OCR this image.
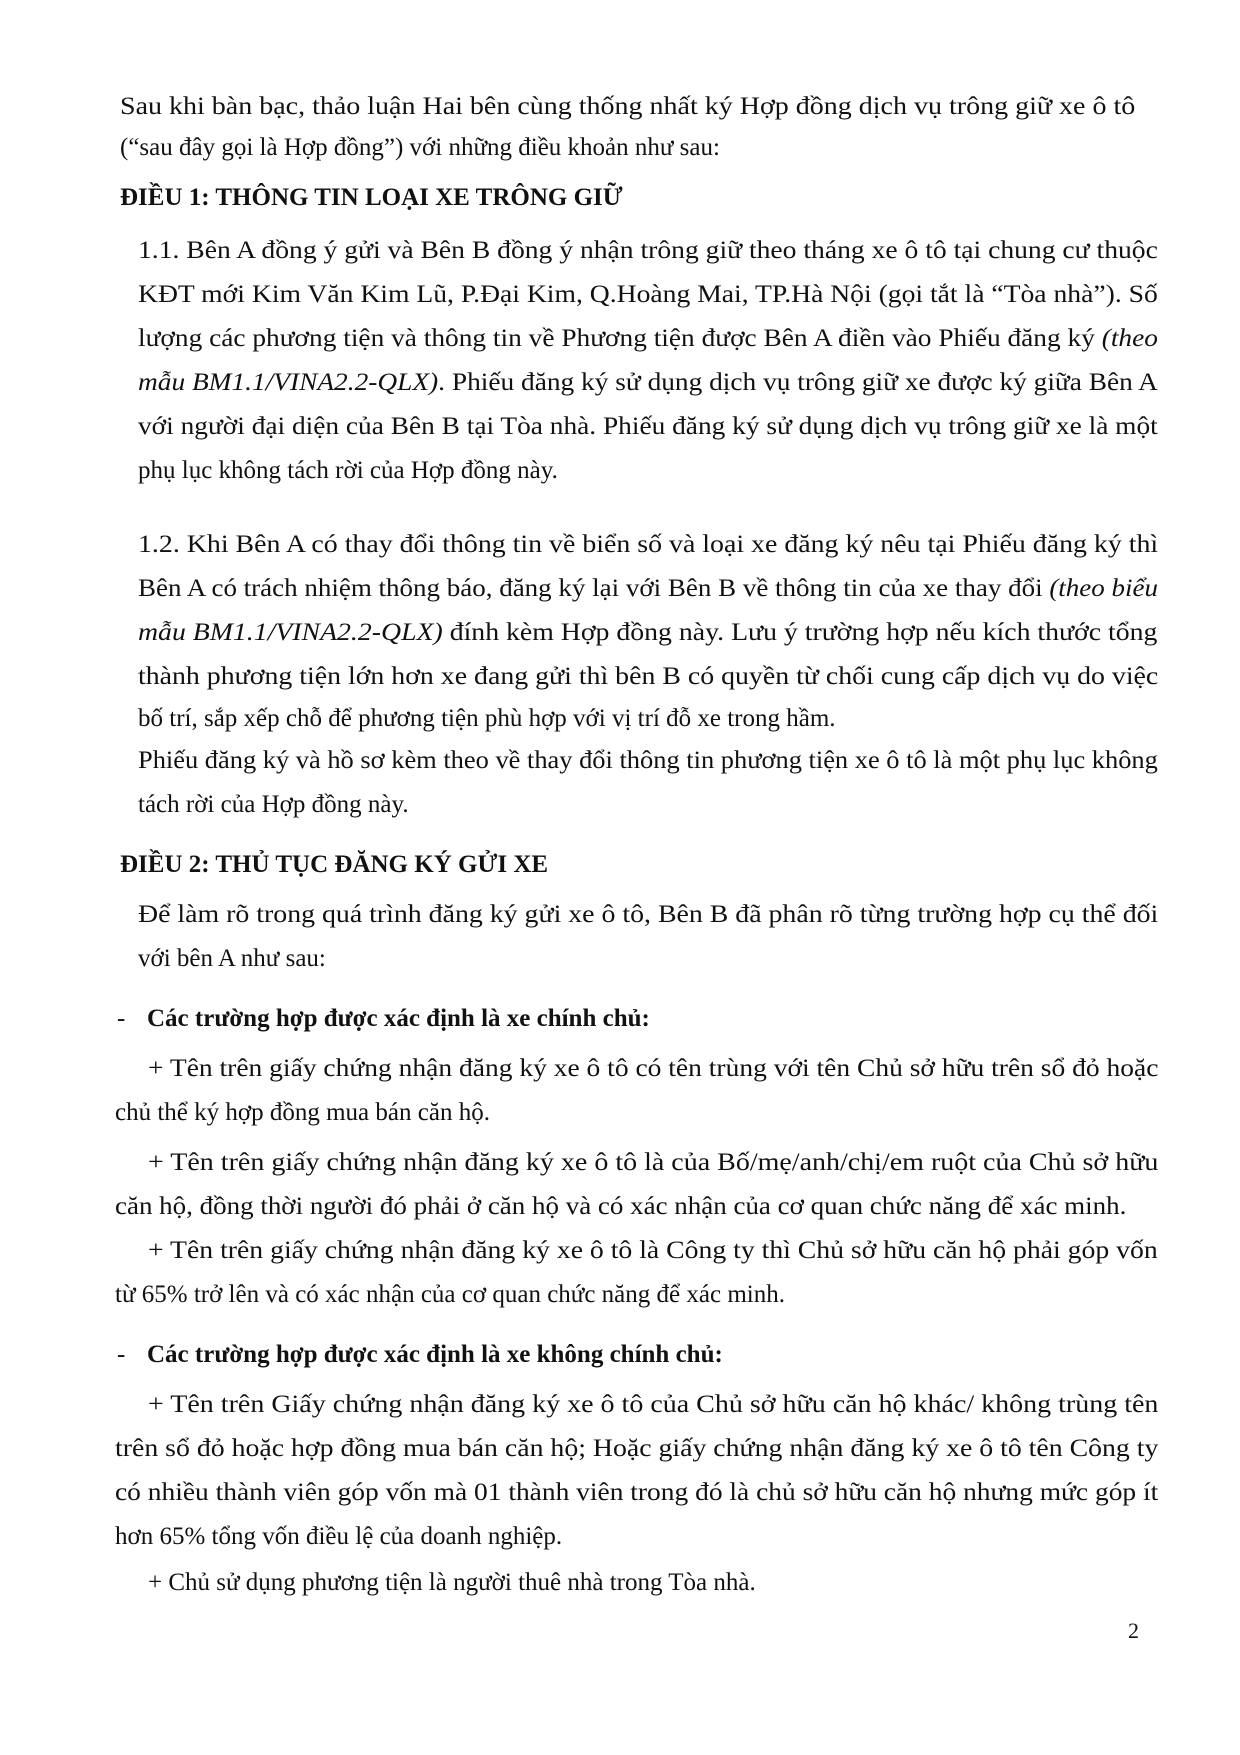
Sau khi bàn bạc, thảo luận Hai bên cùng thống nhất ký Hợp đồng dịch vụ trông giữ xe ô tô
(“sau đây gọi là Hợp đồng”) với những điều khoản như sau:
ĐIỀU 1: THÔNG TIN LOẠI XE TRÔNG GIỮ
1.1. Bên A đồng ý gửi và Bên B đồng ý nhận trông giữ theo tháng xe ô tô tại chung cư thuộc
KĐT mới Kim Văn Kim Lũ, P.Đại Kim, Q.Hoàng Mai, TP.Hà Nội (gọi tắt là “Tòa nhà”). Số
lượng các phương tiện và thông tin về Phương tiện được Bên A điền vào Phiếu đăng ký (theo
mẫu BM1.1/VINA2.2-QLX). Phiếu đăng ký sử dụng dịch vụ trông giữ xe được ký giữa Bên A
với người đại diện của Bên B tại Tòa nhà. Phiếu đăng ký sử dụng dịch vụ trông giữ xe là một
phụ lục không tách rời của Hợp đồng này.
1.2. Khi Bên A có thay đổi thông tin về biển số và loại xe đăng ký nêu tại Phiếu đăng ký thì
Bên A có trách nhiệm thông báo, đăng ký lại với Bên B về thông tin của xe thay đổi (theo biểu
mẫu BM1.1/VINA2.2-QLX) đính kèm Hợp đồng này. Lưu ý trường hợp nếu kích thước tổng
thành phương tiện lớn hơn xe đang gửi thì bên B có quyền từ chối cung cấp dịch vụ do việc
bố trí, sắp xếp chỗ để phương tiện phù hợp với vị trí đỗ xe trong hầm.
Phiếu đăng ký và hồ sơ kèm theo về thay đổi thông tin phương tiện xe ô tô là một phụ lục không
tách rời của Hợp đồng này.
ĐIỀU 2: THỦ TỤC ĐĂNG KÝ GỬI XE
Để làm rõ trong quá trình đăng ký gửi xe ô tô, Bên B đã phân rõ từng trường hợp cụ thể đối
với bên A như sau:
- Các trường hợp được xác định là xe chính chủ:
+ Tên trên giấy chứng nhận đăng ký xe ô tô có tên trùng với tên Chủ sở hữu trên sổ đỏ hoặc
chủ thể ký hợp đồng mua bán căn hộ.
+ Tên trên giấy chứng nhận đăng ký xe ô tô là của Bố/mẹ/anh/chị/em ruột của Chủ sở hữu
căn hộ, đồng thời người đó phải ở căn hộ và có xác nhận của cơ quan chức năng để xác minh.
+ Tên trên giấy chứng nhận đăng ký xe ô tô là Công ty thì Chủ sở hữu căn hộ phải góp vốn
từ 65% trở lên và có xác nhận của cơ quan chức năng để xác minh.
- Các trường hợp được xác định là xe không chính chủ:
+ Tên trên Giấy chứng nhận đăng ký xe ô tô của Chủ sở hữu căn hộ khác/ không trùng tên
trên sổ đỏ hoặc hợp đồng mua bán căn hộ; Hoặc giấy chứng nhận đăng ký xe ô tô tên Công ty
có nhiều thành viên góp vốn mà 01 thành viên trong đó là chủ sở hữu căn hộ nhưng mức góp ít
hơn 65% tổng vốn điều lệ của doanh nghiệp.
+ Chủ sử dụng phương tiện là người thuê nhà trong Tòa nhà.
2
